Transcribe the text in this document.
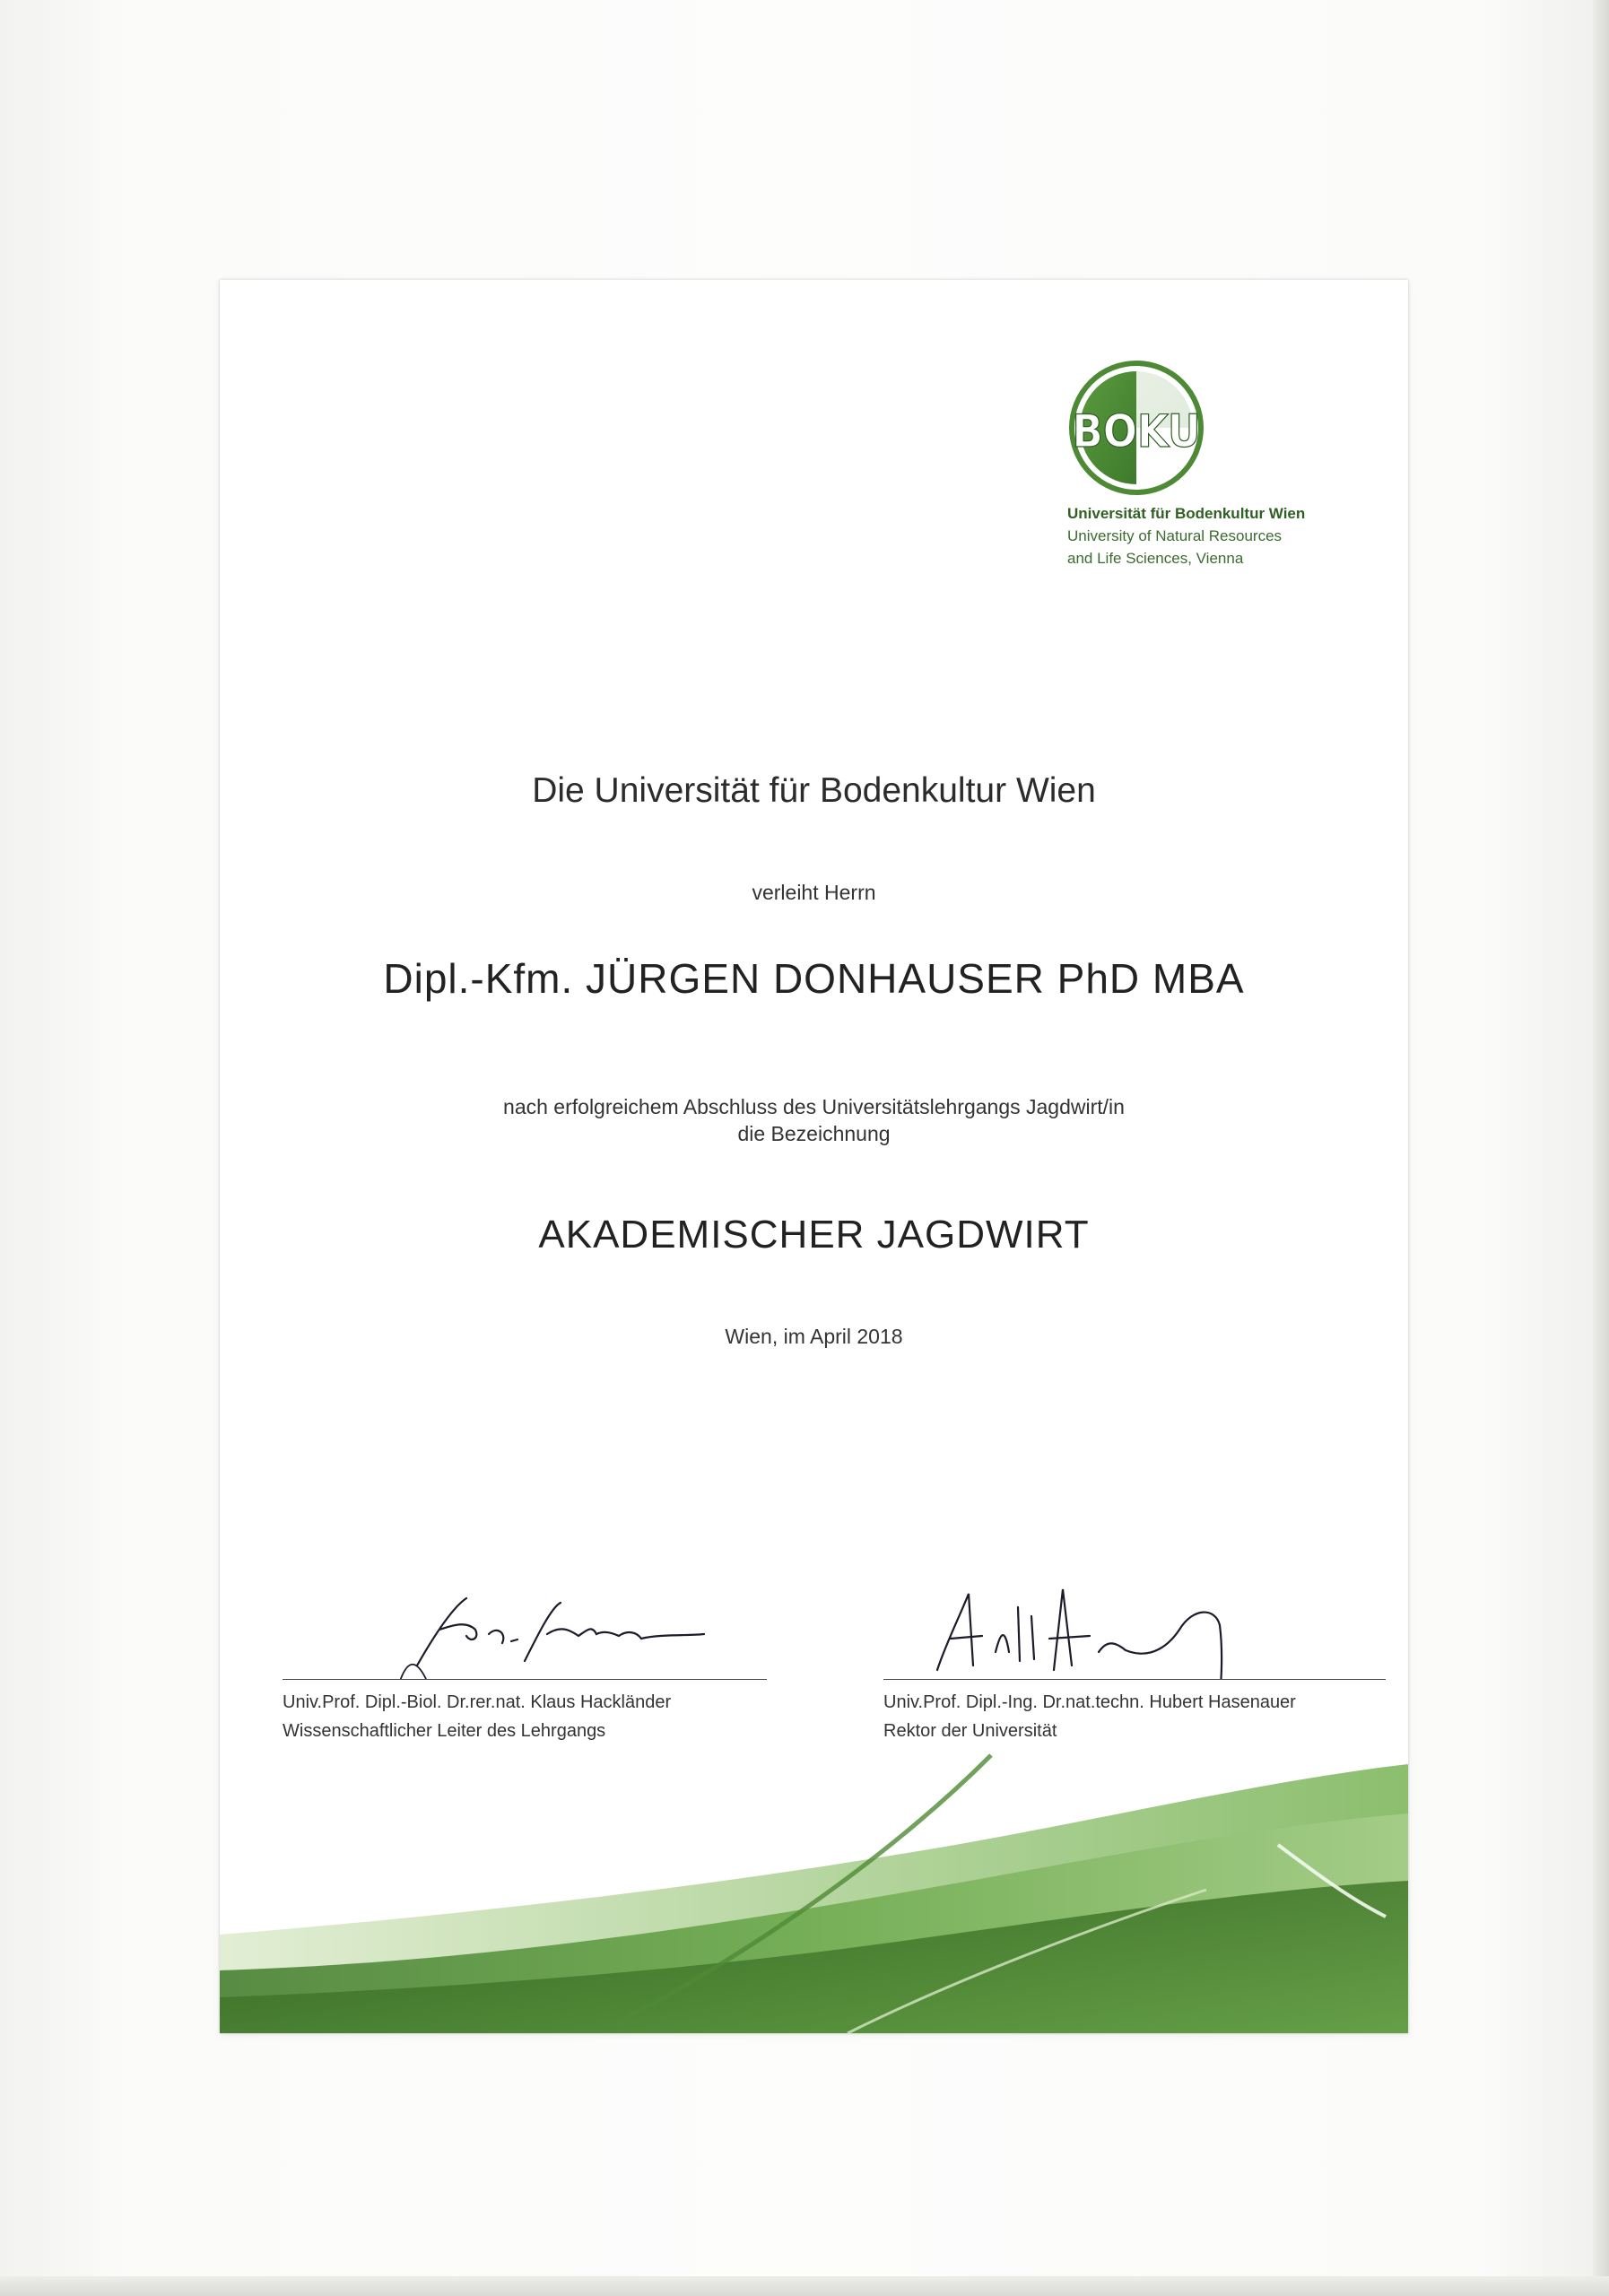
BOKU
Universität für Bodenkultur Wien
University of Natural Resources
and Life Sciences, Vienna
Die Universität für Bodenkultur Wien
verleiht Herrn
Dipl.-Kfm. JÜRGEN DONHAUSER PhD MBA
nach erfolgreichem Abschluss des Universitätslehrgangs Jagdwirt/in
die Bezeichnung
AKADEMISCHER JAGDWIRT
Wien, im April 2018
Univ.Prof. Dipl.-Biol. Dr.rer.nat. Klaus Hackländer
Wissenschaftlicher Leiter des Lehrgangs
Univ.Prof. Dipl.-Ing. Dr.nat.techn. Hubert Hasenauer
Rektor der Universität
